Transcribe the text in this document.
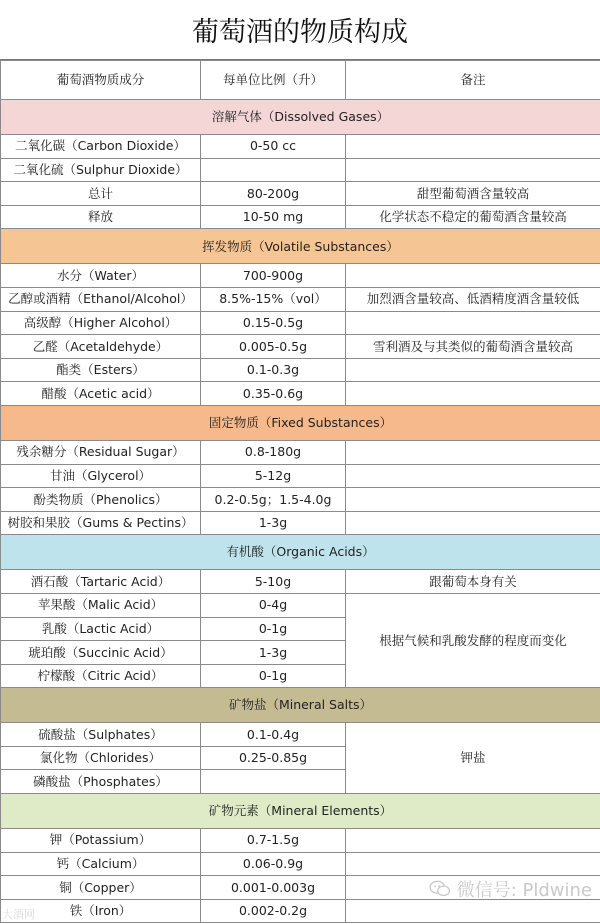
葡萄酒的物质构成
葡萄酒物质成分	每单位比例（升）	备注
溶解气体（Dissolved Gases）		
二氧化碳（Carbon Dioxide）	0-50 cc	
二氧化硫（Sulphur Dioxide）		
总计	80-200g	甜型葡萄酒含量较高
释放	10-50 mg	化学状态不稳定的葡萄酒含量较高
挥发物质（Volatile Substances）		
水分（Water）	700-900g	
乙醇或酒精（Ethanol/Alcohol）	8.5%-15%（vol）	加烈酒含量较高、低酒精度酒含量较低
高级醇（Higher Alcohol）	0.15-0.5g	
乙醛（Acetaldehyde）	0.005-0.5g	雪利酒及与其类似的葡萄酒含量较高
酯类（Esters）	0.1-0.3g	
醋酸（Acetic acid）	0.35-0.6g	
固定物质（Fixed Substances）		
残余糖分（Residual Sugar）	0.8-180g	
甘油（Glycerol）	5-12g	
酚类物质（Phenolics）	0.2-0.5g；1.5-4.0g	
树胶和果胶（Gums & Pectins）	1-3g	
有机酸（Organic Acids）		
酒石酸（Tartaric Acid）	5-10g	跟葡萄本身有关
苹果酸（Malic Acid）	0-4g	根据气候和乳酸发酵的程度而变化
乳酸（Lactic Acid）	0-1g	
琥珀酸（Succinic Acid）	1-3g	
柠檬酸（Citric Acid）	0-1g	
矿物盐（Mineral Salts）		
硫酸盐（Sulphates）	0.1-0.4g	钾盐
氯化物（Chlorides）	0.25-0.85g	
磷酸盐（Phosphates）		
矿物元素（Mineral Elements）		
钾（Potassium）	0.7-1.5g	
钙（Calcium）	0.06-0.9g	
铜（Copper）	0.001-0.003g	
铁（Iron）	0.002-0.2g	
微信号: Pldwine
大酒网
